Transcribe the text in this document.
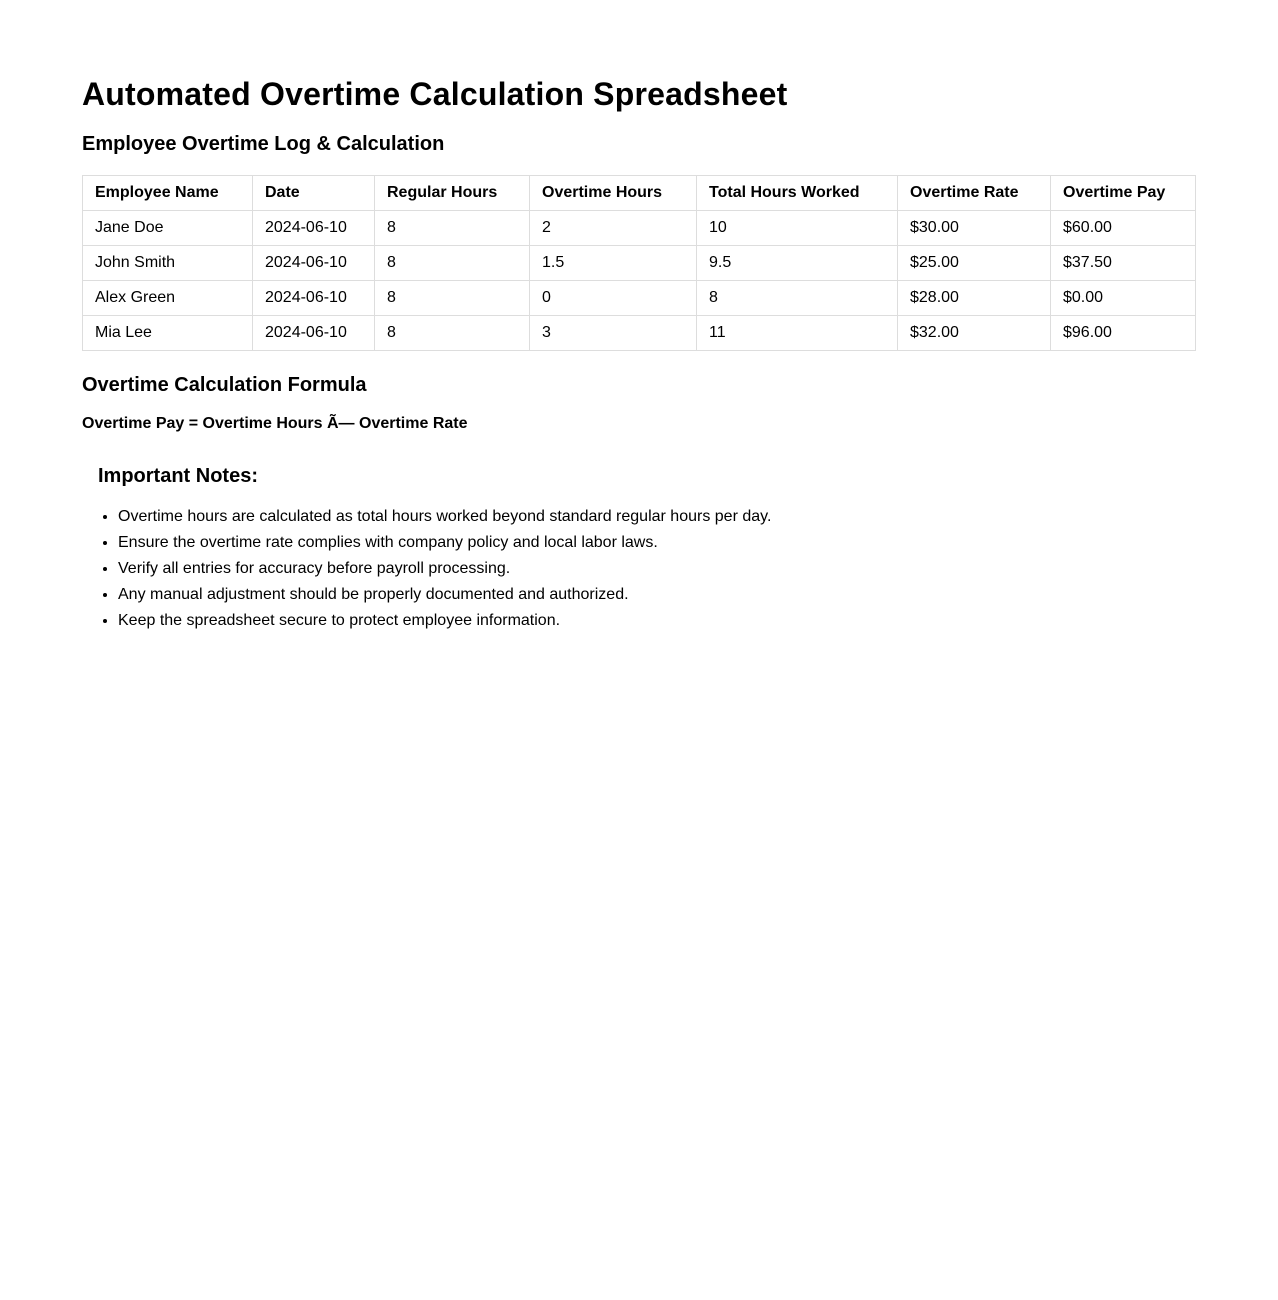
Automated Overtime Calculation Spreadsheet
Employee Overtime Log & Calculation
Employee Name	Date	Regular Hours	Overtime Hours	Total Hours Worked	Overtime Rate	Overtime Pay
Jane Doe	2024-06-10	8	2	10	$30.00	$60.00
John Smith	2024-06-10	8	1.5	9.5	$25.00	$37.50
Alex Green	2024-06-10	8	0	8	$28.00	$0.00
Mia Lee	2024-06-10	8	3	11	$32.00	$96.00
Overtime Calculation Formula

Overtime Pay = Overtime Hours Ã— Overtime Rate

Important Notes:
• Overtime hours are calculated as total hours worked beyond standard regular hours per day.
• Ensure the overtime rate complies with company policy and local labor laws.
• Verify all entries for accuracy before payroll processing.
• Any manual adjustment should be properly documented and authorized.
• Keep the spreadsheet secure to protect employee information.
